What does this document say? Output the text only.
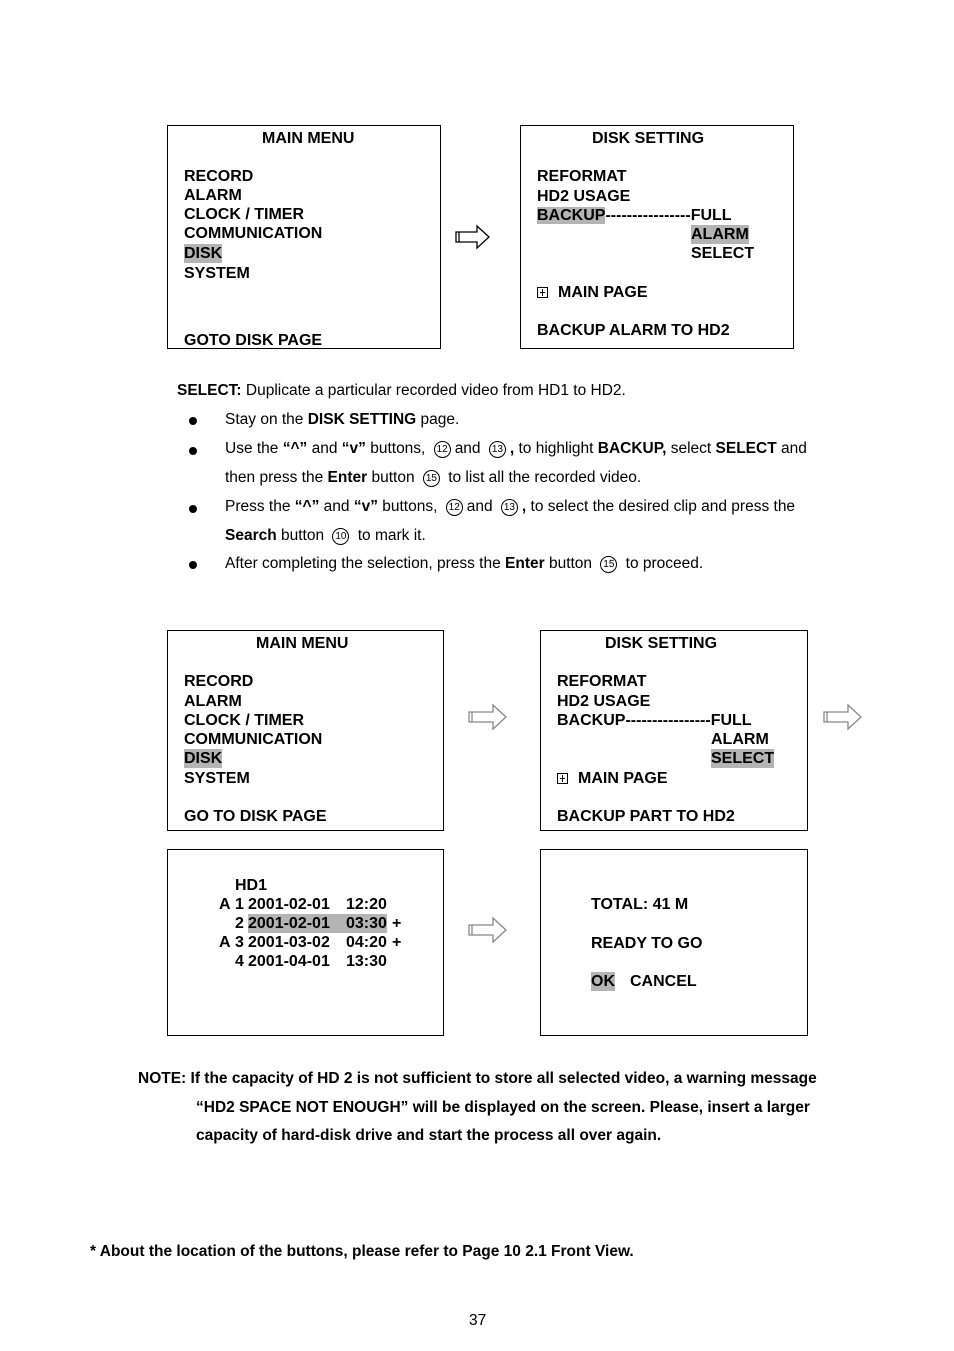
MAIN MENU
RECORD
ALARM
CLOCK / TIMER
COMMUNICATION
DISK
SYSTEM
GOTO DISK PAGE
DISK SETTING
REFORMAT
HD2 USAGE
BACKUP----------------FULL
ALARM
SELECT
MAIN PAGE
BACKUP ALARM TO HD2
SELECT: Duplicate a particular recorded video from HD1 to HD2.
Stay on the DISK SETTING page.
Use the “^” and “v” buttons, 12 and 13 , to highlight BACKUP, select SELECT and
then press the Enter button 15 to list all the recorded video.
Press the “^” and “v” buttons, 12 and 13 , to select the desired clip and press the
Search button 10 to mark it.
After completing the selection, press the Enter button 15 to proceed.
MAIN MENU
RECORD
ALARM
CLOCK / TIMER
COMMUNICATION
DISK
SYSTEM
GO TO DISK PAGE
DISK SETTING
REFORMAT
HD2 USAGE
BACKUP----------------FULL
ALARM
SELECT
MAIN PAGE
BACKUP PART TO HD2
HD1
A 1 2001-02-01 12:20
2 2001-02-01 03:30 +
A 3 2001-03-02 04:20 +
4 2001-04-01 13:30
TOTAL: 41 M
READY TO GO
OK CANCEL
NOTE: If the capacity of HD 2 is not sufficient to store all selected video, a warning message
“HD2 SPACE NOT ENOUGH” will be displayed on the screen. Please, insert a larger
capacity of hard-disk drive and start the process all over again.
* About the location of the buttons, please refer to Page 10 2.1 Front View.
37
